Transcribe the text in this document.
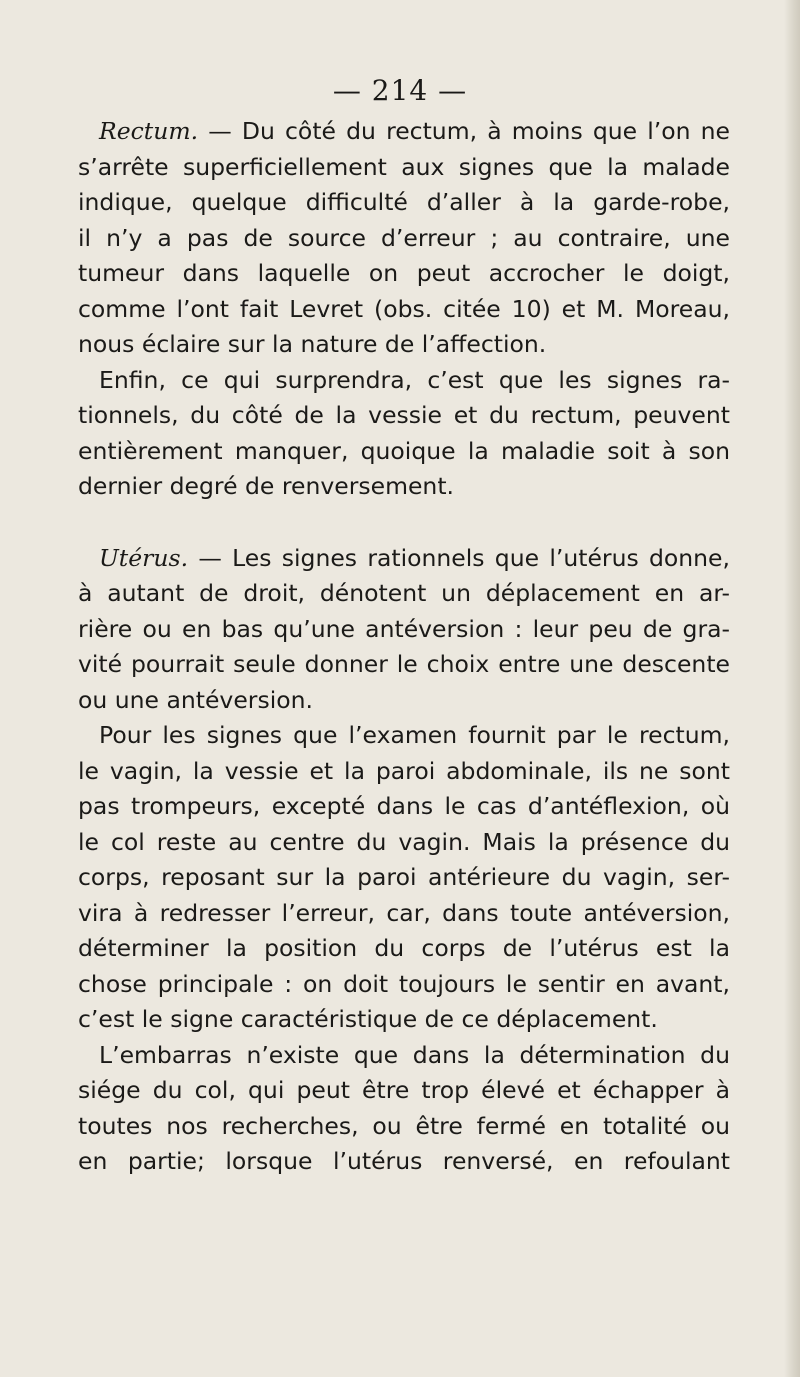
— 214 —
Rectum. — Du côté du rectum, à moins que l’on ne
s’arrête superficiellement aux signes que la malade
indique, quelque difficulté d’aller à la garde-robe,
il n’y a pas de source d’erreur ; au contraire, une
tumeur dans laquelle on peut accrocher le doigt,
comme l’ont fait Levret (obs. citée 10) et M. Moreau,
nous éclaire sur la nature de l’affection.
Enfin, ce qui surprendra, c’est que les signes ra-
tionnels, du côté de la vessie et du rectum, peuvent
entièrement manquer, quoique la maladie soit à son
dernier degré de renversement.
Utérus. — Les signes rationnels que l’utérus donne,
à autant de droit, dénotent un déplacement en ar-
rière ou en bas qu’une antéversion : leur peu de gra-
vité pourrait seule donner le choix entre une descente
ou une antéversion.
Pour les signes que l’examen fournit par le rectum,
le vagin, la vessie et la paroi abdominale, ils ne sont
pas trompeurs, excepté dans le cas d’antéflexion, où
le col reste au centre du vagin. Mais la présence du
corps, reposant sur la paroi antérieure du vagin, ser-
vira à redresser l’erreur, car, dans toute antéversion,
déterminer la position du corps de l’utérus est la
chose principale : on doit toujours le sentir en avant,
c’est le signe caractéristique de ce déplacement.
L’embarras n’existe que dans la détermination du
siége du col, qui peut être trop élevé et échapper à
toutes nos recherches, ou être fermé en totalité ou
en partie; lorsque l’utérus renversé, en refoulant
